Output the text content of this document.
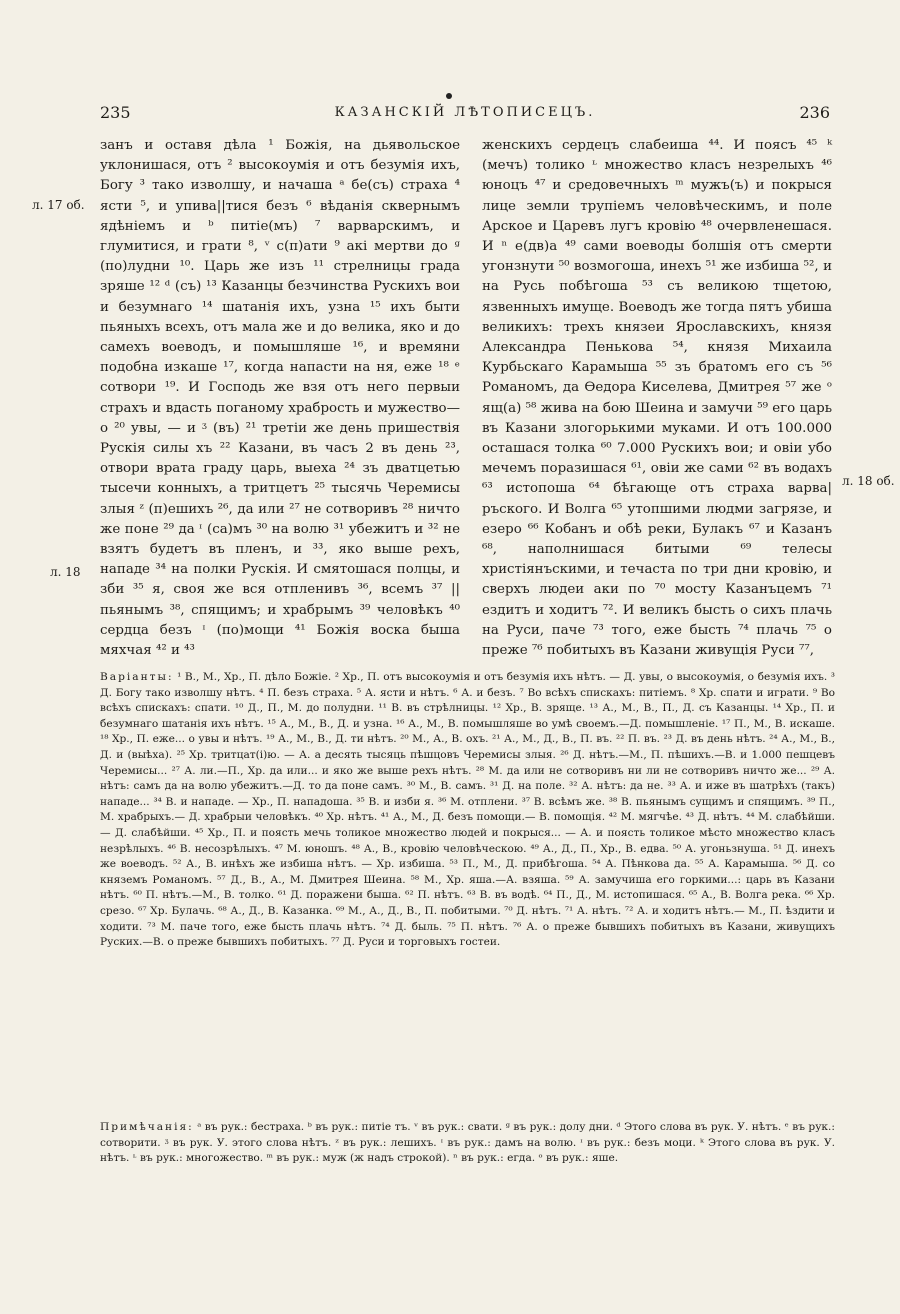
235	КАЗАНСКІЙ ЛѢТОПИСЕЦЪ.	236
л. 17 об.
л. 18
л. 18 об.

занъ и оставя дѣла ¹ Божія, на дьявольское уклонишася, отъ ² высокоумія и отъ безумія ихъ, Богу ³ тако изволшу, и начаша ᵃ бе(съ) страха ⁴ ясти ⁵, и упива||тися безъ ⁶ вѣданія сквернымъ ядѣніемъ и ᵇ питіе(мъ) ⁷ варварскимъ, и глумитися, и грати ⁸, ᵛ с(п)ати ⁹ акі мертви до ᵍ (по)лудни ¹⁰. Царь же изъ ¹¹ стрелницы града зряше ¹² ᵈ (съ) ¹³ Казанцы безчинства Рускихъ вои и безумнаго ¹⁴ шатанія ихъ, узна ¹⁵ ихъ быти пьяныхъ всехъ, отъ мала же и до велика, яко и до самехъ воеводъ, и помышляше ¹⁶, и времяни подобна изкаше ¹⁷, когда напасти на ня, еже ¹⁸ ᵉ сотвори ¹⁹. И Господь же взя отъ него первыи страхъ и вдасть поганому храбрость и мужество—о ²⁰ увы, — и ᶾ (въ) ²¹ третіи же день пришествія Рускія силы хъ ²² Казани, въ часъ 2 въ день ²³, отвори врата граду царь, выеха ²⁴ зъ дватцетью тысечи конныхъ, а тритцетъ ²⁵ тысячь Черемисы злыя ᶻ (п)ешихъ ²⁶, да или ²⁷ не сотворивъ ²⁸ ничто же поне ²⁹ да ᶦ (са)мъ ³⁰ на волю ³¹ убежитъ и ³² не взятъ будетъ въ пленъ, и ³³, яко выше рехъ, нападе ³⁴ на полки Рускія. И смятошася полцы, и зби ³⁵ я, своя же вся отпленивъ ³⁶, всемъ ³⁷ || пьянымъ ³⁸, спящимъ; и храбрымъ ³⁹ человѣкъ ⁴⁰ сердца безъ ᶦ (по)мощи ⁴¹ Божія воска быша мяхчая ⁴² и ⁴³

женскихъ сердецъ слабеиша ⁴⁴. И поясъ ⁴⁵ ᵏ (мечъ) толико ᶫ множество класъ незрелыхъ ⁴⁶ юноцъ ⁴⁷ и средовечныхъ ᵐ мужъ(ъ) и покрыся лице земли трупіемъ человѣческимъ, и поле Арское и Царевъ лугъ кровію ⁴⁸ очервленешася. И ⁿ е(дв)а ⁴⁹ сами воеводы болшія отъ смерти угонзнути ⁵⁰ возмогоша, инехъ ⁵¹ же избиша ⁵², и на Русь побѣгоша ⁵³ съ великою тщетою, язвенныхъ имуще. Воеводъ же тогда пятъ убиша великихъ: трехъ князеи Ярославскихъ, князя Александра Пенькова ⁵⁴, князя Михаила Курбьскаго Карамыша ⁵⁵ зъ братомъ его съ ⁵⁶ Романомъ, да Өедора Киселева, Дмитрея ⁵⁷ же ᵒ ящ(а) ⁵⁸ жива на бою Шеина и замучи ⁵⁹ его царь въ Казани злогорькими муками. И отъ 100.000 осташася толка ⁶⁰ 7.000 Рускихъ вои; и овіи убо мечемъ поразишася ⁶¹, овіи же сами ⁶² въ водахъ ⁶³ истопоша ⁶⁴ бѣгающе отъ страха варва|ръского. И Волга ⁶⁵ утопшими людми загрязе, и езеро ⁶⁶ Кобанъ и обѣ реки, Булакъ ⁶⁷ и Казанъ ⁶⁸, наполнишася битыми ⁶⁹ телесы христіянъскими, и течаста по три дни кровію, и сверхъ людеи аки по ⁷⁰ мосту Казанъцемъ ⁷¹ ездитъ и ходитъ ⁷². И великъ бысть о сихъ плачь на Руси, паче ⁷³ того, еже бысть ⁷⁴ плачь ⁷⁵ о преже ⁷⁶ побитыхъ въ Казани живущія Руси ⁷⁷,

Варіанты: ¹ В., М., Хр., П. дѣло Божіе. ² Хр., П. отъ высокоумія и отъ безумія ихъ нѣтъ. — Д. увы, о высокоумія, о безумія ихъ. ³ Д. Богу тако изволшу нѣтъ. ⁴ П. безъ страха. ⁵ А. ясти и нѣтъ. ⁶ А. и безъ. ⁷ Во всѣхъ спискахъ: питіемъ. ⁸ Хр. спати и играти. ⁹ Во всѣхъ спискахъ: спати. ¹⁰ Д., П., М. до полудни. ¹¹ В. въ стрѣлницы. ¹² Хр., В. зряще. ¹³ А., М., В., П., Д. съ Казанцы. ¹⁴ Хр., П. и безумнаго шатанія ихъ нѣтъ. ¹⁵ А., М., В., Д. и узна. ¹⁶ А., М., В. помышляше во умѣ своемъ.—Д. помышленіе. ¹⁷ П., М., В. искаше. ¹⁸ Хр., П. еже... о увы и нѣтъ. ¹⁹ А., М., В., Д. ти нѣтъ. ²⁰ М., А., В. охъ. ²¹ А., М., Д., В., П. въ. ²² П. въ. ²³ Д. въ день нѣтъ. ²⁴ А., М., В., Д. и (выѣха). ²⁵ Хр. тритцат(і)ю. — А. а десять тысяць пѣшцовъ Черемисы злыя. ²⁶ Д. нѣтъ.—М., П. пѣшихъ.—В. и 1.000 пешцевъ Черемисы... ²⁷ А. ли.—П., Хр. да или... и яко же выше рехъ нѣтъ. ²⁸ М. да или не сотворивъ ни ли не сотворивъ ничто же... ²⁹ А. нѣтъ: самъ да на волю убежитъ.—Д. то да поне самъ. ³⁰ М., В. самъ. ³¹ Д. на поле. ³² А. нѣтъ: да не. ³³ А. и иже въ шатрѣхъ (такъ) нападе... ³⁴ В. и нападе. — Хр., П. нападоша. ³⁵ В. и изби я. ³⁶ М. отплени. ³⁷ В. всѣмъ же. ³⁸ В. пьянымъ сущимъ и спящимъ. ³⁹ П., М. храбрыхъ.— Д. храбрыи человѣкъ. ⁴⁰ Хр. нѣтъ. ⁴¹ А., М., Д. безъ помощи.— В. помощія. ⁴² М. мягчѣе. ⁴³ Д. нѣтъ. ⁴⁴ М. слабѣйши. — Д. слабѣйши. ⁴⁵ Хр., П. и поясть мечь толикое множество людей и покрыся... — А. и поясть толикое мѣсто множество класъ незрѣлыхъ. ⁴⁶ В. несозрѣлыхъ. ⁴⁷ М. юношъ. ⁴⁸ А., В., кровію человѣческою. ⁴⁹ А., Д., П., Хр., В. едва. ⁵⁰ А. угоньзнуша. ⁵¹ Д. инехъ же воеводъ. ⁵² А., В. инѣхъ же избиша нѣтъ. — Хр. избиша. ⁵³ П., М., Д. прибѣгоша. ⁵⁴ А. Пѣнкова да. ⁵⁵ А. Карамыша. ⁵⁶ Д. со княземъ Романомъ. ⁵⁷ Д., В., А., М. Дмитрея Шеина. ⁵⁸ М., Хр. яша.—А. взяша. ⁵⁹ А. замучиша его горкими...: царь въ Казани нѣтъ. ⁶⁰ П. нѣтъ.—М., В. толко. ⁶¹ Д. поражени быша. ⁶² П. нѣтъ. ⁶³ В. въ водѣ. ⁶⁴ П., Д., М. истопишася. ⁶⁵ А., В. Волга река. ⁶⁶ Хр. срезо. ⁶⁷ Хр. Булачь. ⁶⁸ А., Д., В. Казанка. ⁶⁹ М., А., Д., В., П. побитыми. ⁷⁰ Д. нѣтъ. ⁷¹ А. нѣтъ. ⁷² А. и ходитъ нѣтъ.— М., П. ѣздити и ходити. ⁷³ М. паче того, еже бысть плачь нѣтъ. ⁷⁴ Д. быль. ⁷⁵ П. нѣтъ. ⁷⁶ А. о прежe бывшихъ побитыхъ въ Казани, живущихъ Руских.—В. о преже бывшихъ побитыхъ. ⁷⁷ Д. Руси и торговыхъ гостеи.

Примѣчанія: ᵃ въ рук.: бестраха. ᵇ въ рук.: питіе тъ. ᵛ въ рук.: свати. ᵍ въ рук.: долу дни. ᵈ Этого слова въ рук. У. нѣтъ. ᵉ въ рук.: сотворити. ᶾ въ рук. У. этого слова нѣтъ. ᶻ въ рук.: лешихъ. ᶦ въ рук.: дамъ на волю. ᶦ въ рук.: безъ моци. ᵏ Этого слова въ рук. У. нѣтъ. ᶫ въ рук.: многожество. ᵐ въ рук.: муж (ж надъ строкой). ⁿ въ рук.: егда. ᵒ въ рук.: яше.
